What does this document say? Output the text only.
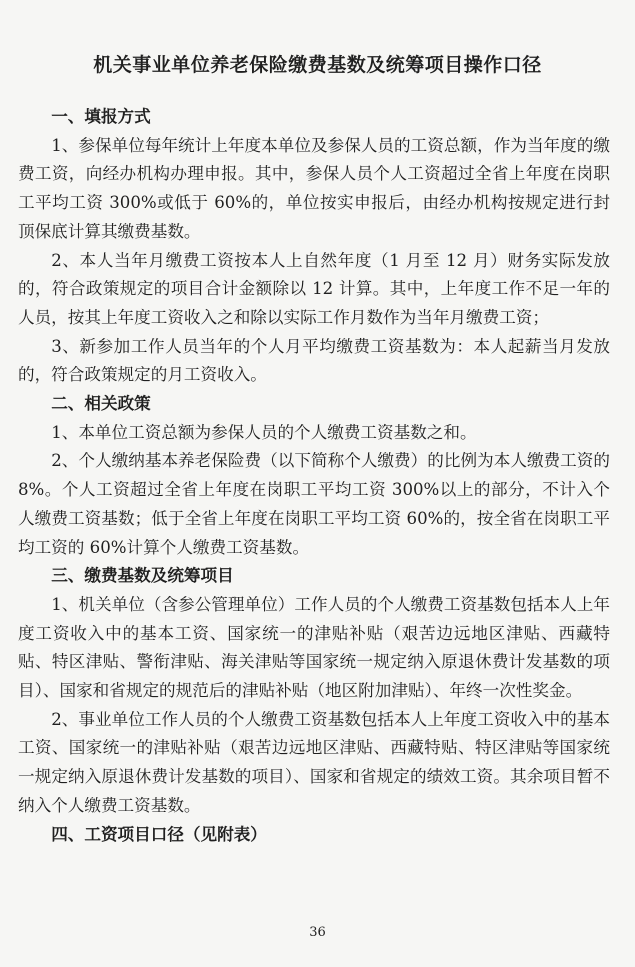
机关事业单位养老保险缴费基数及统筹项目操作口径
一、填报方式

1、参保单位每年统计上年度本单位及参保人员的工资总额，作为当年度的缴费工资，向经办机构办理申报。其中，参保人员个人工资超过全省上年度在岗职工平均工资 300%或低于 60%的，单位按实申报后，由经办机构按规定进行封顶保底计算其缴费基数。

2、本人当年月缴费工资按本人上自然年度（1 月至 12 月）财务实际发放的，符合政策规定的项目合计金额除以 12 计算。其中，上年度工作不足一年的人员，按其上年度工资收入之和除以实际工作月数作为当年月缴费工资；

3、新参加工作人员当年的个人月平均缴费工资基数为：本人起薪当月发放的，符合政策规定的月工资收入。

二、相关政策

1、本单位工资总额为参保人员的个人缴费工资基数之和。

2、个人缴纳基本养老保险费（以下简称个人缴费）的比例为本人缴费工资的 8%。个人工资超过全省上年度在岗职工平均工资 300%以上的部分，不计入个人缴费工资基数；低于全省上年度在岗职工平均工资 60%的，按全省在岗职工平均工资的 60%计算个人缴费工资基数。

三、缴费基数及统筹项目

1、机关单位（含参公管理单位）工作人员的个人缴费工资基数包括本人上年度工资收入中的基本工资、国家统一的津贴补贴（艰苦边远地区津贴、西藏特贴、特区津贴、警衔津贴、海关津贴等国家统一规定纳入原退休费计发基数的项目）、国家和省规定的规范后的津贴补贴（地区附加津贴）、年终一次性奖金。

2、事业单位工作人员的个人缴费工资基数包括本人上年度工资收入中的基本工资、国家统一的津贴补贴（艰苦边远地区津贴、西藏特贴、特区津贴等国家统一规定纳入原退休费计发基数的项目）、国家和省规定的绩效工资。其余项目暂不纳入个人缴费工资基数。

四、工资项目口径（见附表）
36
